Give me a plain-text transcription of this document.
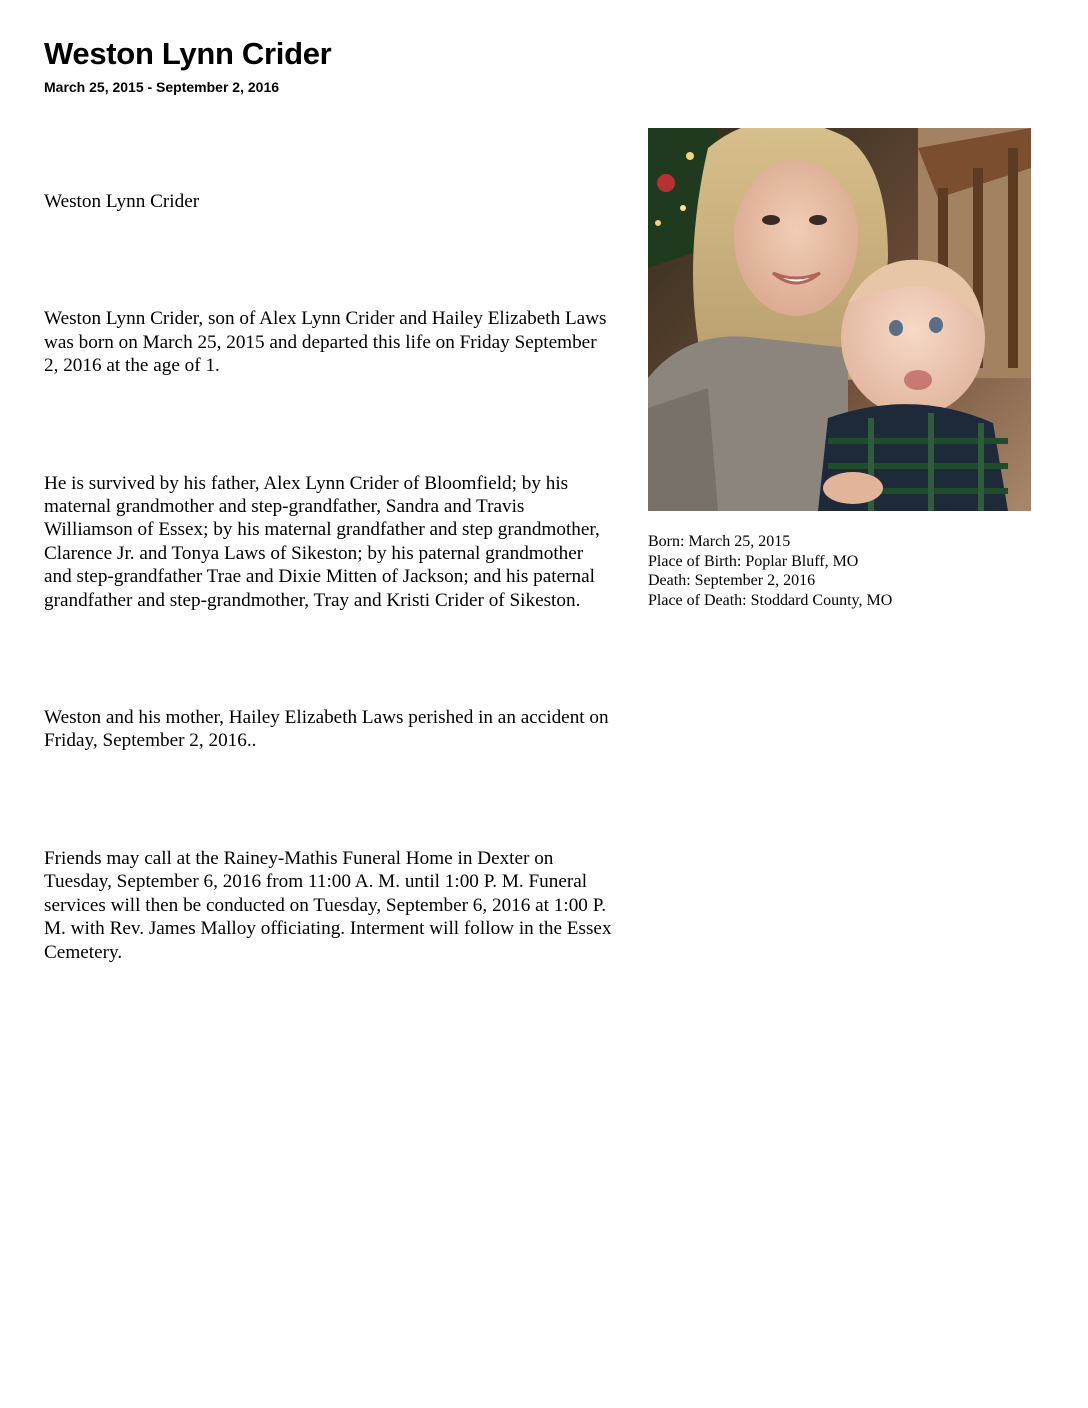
Weston Lynn Crider
March 25, 2015 - September 2, 2016

Weston Lynn Crider

Weston Lynn Crider, son of Alex Lynn Crider and Hailey Elizabeth Laws was born on March 25, 2015 and departed this life on Friday September 2, 2016 at the age of 1.

He is survived by his father, Alex Lynn Crider of Bloomfield; by his maternal grandmother and step-grandfather, Sandra and Travis Williamson of Essex; by his maternal grandfather and step grandmother, Clarence Jr. and Tonya Laws of Sikeston; by his paternal grandmother and step-grandfather Trae and Dixie Mitten of Jackson; and his paternal grandfather and step-grandmother, Tray and Kristi Crider of Sikeston.

Weston and his mother, Hailey Elizabeth Laws perished in an accident on Friday, September 2, 2016..

Friends may call at the Rainey-Mathis Funeral Home in Dexter on Tuesday, September 6, 2016 from 11:00 A. M. until 1:00 P. M. Funeral services will then be conducted on Tuesday, September 6, 2016 at 1:00 P. M. with Rev. James Malloy officiating. Interment will follow in the Essex Cemetery.

Born: March 25, 2015
Place of Birth: Poplar Bluff, MO
Death: September 2, 2016
Place of Death: Stoddard County, MO
